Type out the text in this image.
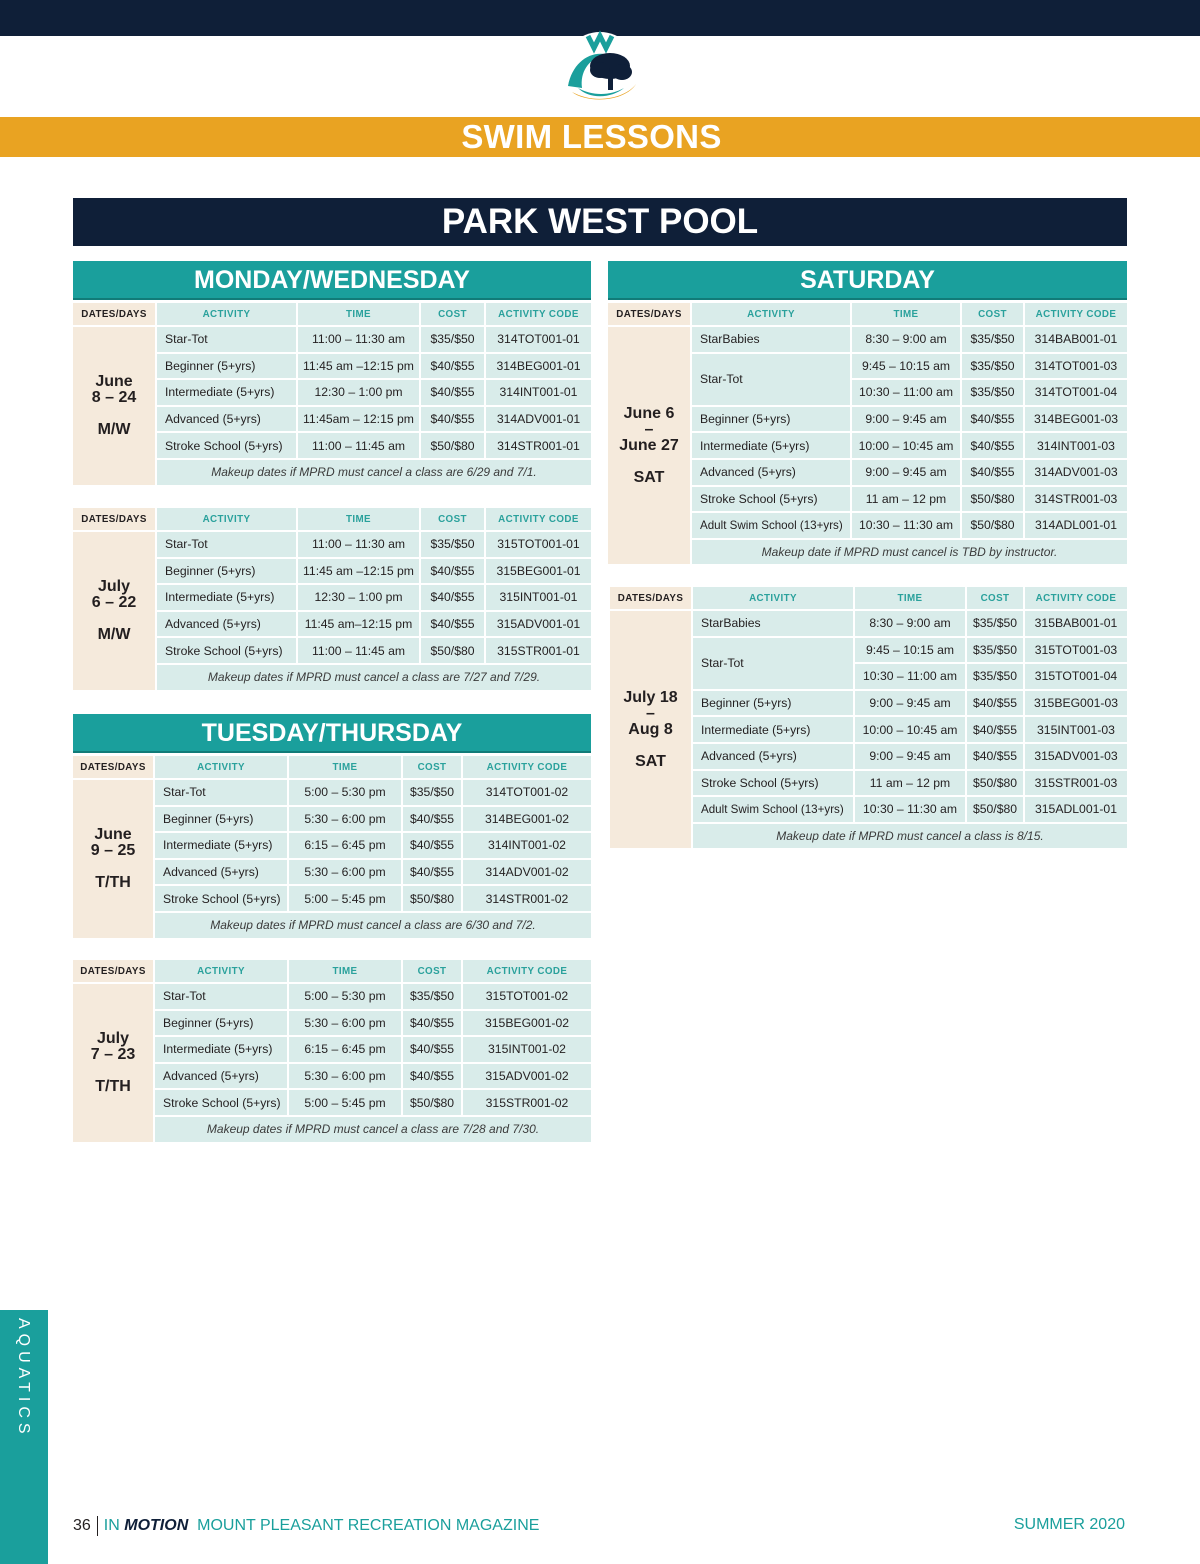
SWIM LESSONS
PARK WEST POOL
MONDAY/WEDNESDAY	SATURDAY
TUESDAY/THURSDAY
DATES/DAYS	ACTIVITY	TIME	COST	ACTIVITY CODE

June
8 – 24
M/W	Star-Tot	11:00 – 11:30 am	$35/$50	314TOT001-01
	Beginner (5+yrs)	11:45 am –12:15 pm	$40/$55	314BEG001-01
	Intermediate (5+yrs)	12:30 – 1:00 pm	$40/$55	314INT001-01
	Advanced (5+yrs)	11:45am – 12:15 pm	$40/$55	314ADV001-01
	Stroke School (5+yrs)	11:00 – 11:45 am	$50/$80	314STR001-01
	Makeup dates if MPRD must cancel a class are 6/29 and 7/1.			
DATES/DAYS	ACTIVITY	TIME	COST	ACTIVITY CODE

July
6 – 22
M/W	Star-Tot	11:00 – 11:30 am	$35/$50	315TOT001-01
	Beginner (5+yrs)	11:45 am –12:15 pm	$40/$55	315BEG001-01
	Intermediate (5+yrs)	12:30 – 1:00 pm	$40/$55	315INT001-01
	Advanced (5+yrs)	11:45 am–12:15 pm	$40/$55	315ADV001-01
	Stroke School (5+yrs)	11:00 – 11:45 am	$50/$80	315STR001-01
	Makeup dates if MPRD must cancel a class are 7/27 and 7/29.			
DATES/DAYS	ACTIVITY	TIME	COST	ACTIVITY CODE

June
9 – 25
T/TH	Star-Tot	5:00 – 5:30 pm	$35/$50	314TOT001-02
	Beginner (5+yrs)	5:30 – 6:00 pm	$40/$55	314BEG001-02
	Intermediate (5+yrs)	6:15 – 6:45 pm	$40/$55	314INT001-02
	Advanced (5+yrs)	5:30 – 6:00 pm	$40/$55	314ADV001-02
	Stroke School (5+yrs)	5:00 – 5:45 pm	$50/$80	314STR001-02
	Makeup dates if MPRD must cancel a class are 6/30 and 7/2.			
DATES/DAYS	ACTIVITY	TIME	COST	ACTIVITY CODE

July
7 – 23
T/TH	Star-Tot	5:00 – 5:30 pm	$35/$50	315TOT001-02
	Beginner (5+yrs)	5:30 – 6:00 pm	$40/$55	315BEG001-02
	Intermediate (5+yrs)	6:15 – 6:45 pm	$40/$55	315INT001-02
	Advanced (5+yrs)	5:30 – 6:00 pm	$40/$55	315ADV001-02
	Stroke School (5+yrs)	5:00 – 5:45 pm	$50/$80	315STR001-02
	Makeup dates if MPRD must cancel a class are 7/28 and 7/30.			
DATES/DAYS	ACTIVITY	TIME	COST	ACTIVITY CODE

June 6
–
June 27
SAT	StarBabies	8:30 – 9:00 am	$35/$50	314BAB001-01
	Star-Tot	9:45 – 10:15 am	$35/$50	314TOT001-03
		10:30 – 11:00 am	$35/$50	314TOT001-04
	Beginner (5+yrs)	9:00 – 9:45 am	$40/$55	314BEG001-03
	Intermediate (5+yrs)	10:00 – 10:45 am	$40/$55	314INT001-03
	Advanced (5+yrs)	9:00 – 9:45 am	$40/$55	314ADV001-03
	Stroke School (5+yrs)	11 am – 12 pm	$50/$80	314STR001-03
	Adult Swim School (13+yrs)	10:30 – 11:30 am	$50/$80	314ADL001-01
	Makeup date if MPRD must cancel is TBD by instructor.			
DATES/DAYS	ACTIVITY	TIME	COST	ACTIVITY CODE

July 18
–
Aug 8
SAT	StarBabies	8:30 – 9:00 am	$35/$50	315BAB001-01
	Star-Tot	9:45 – 10:15 am	$35/$50	315TOT001-03
		10:30 – 11:00 am	$35/$50	315TOT001-04
	Beginner (5+yrs)	9:00 – 9:45 am	$40/$55	315BEG001-03
	Intermediate (5+yrs)	10:00 – 10:45 am	$40/$55	315INT001-03
	Advanced (5+yrs)	9:00 – 9:45 am	$40/$55	315ADV001-03
	Stroke School (5+yrs)	11 am – 12 pm	$50/$80	315STR001-03
	Adult Swim School (13+yrs)	10:30 – 11:30 am	$50/$80	315ADL001-01
	Makeup date if MPRD must cancel a class is 8/15.			
AQUATICS
36 IN MOTION MOUNT PLEASANT RECREATION MAGAZINE	SUMMER 2020
